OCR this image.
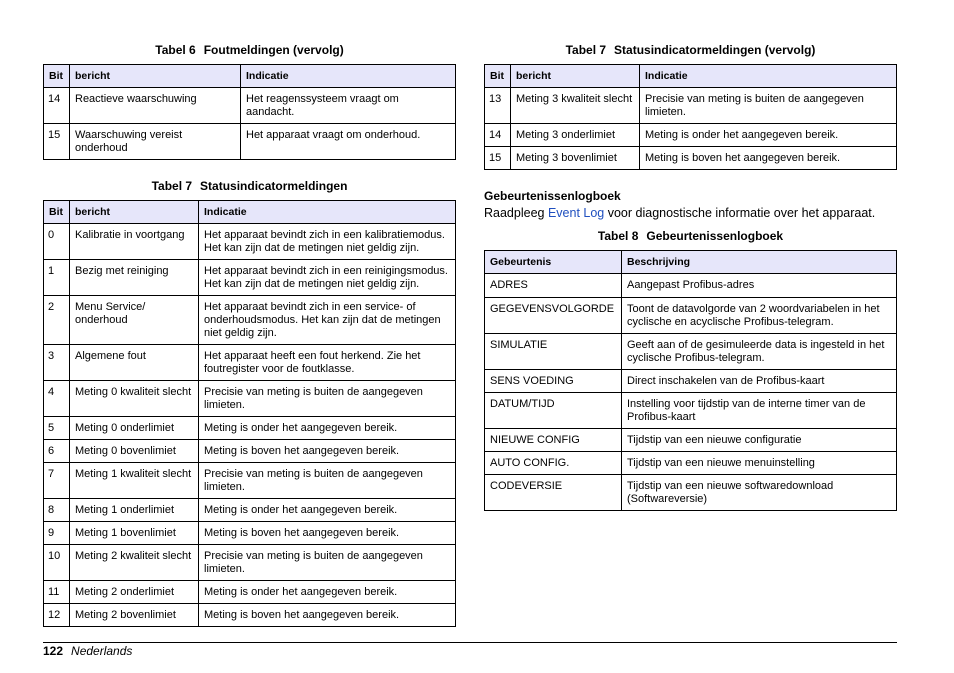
Tabel 6 Foutmeldingen (vervolg)
Bit	bericht	Indicatie
14	Reactieve waarschuwing	Het reagenssysteem vraagt om aandacht.
15	Waarschuwing vereist onderhoud	Het apparaat vraagt om onderhoud.
Tabel 7 Statusindicatormeldingen
Bit	bericht	Indicatie
0	Kalibratie in voortgang	Het apparaat bevindt zich in een kalibratiemodus. Het kan zijn dat de metingen niet geldig zijn.
1	Bezig met reiniging	Het apparaat bevindt zich in een reinigingsmodus. Het kan zijn dat de metingen niet geldig zijn.
2	Menu Service/ onderhoud	Het apparaat bevindt zich in een service- of onderhoudsmodus. Het kan zijn dat de metingen niet geldig zijn.
3	Algemene fout	Het apparaat heeft een fout herkend. Zie het foutregister voor de foutklasse.
4	Meting 0 kwaliteit slecht	Precisie van meting is buiten de aangegeven limieten.
5	Meting 0 onderlimiet	Meting is onder het aangegeven bereik.
6	Meting 0 bovenlimiet	Meting is boven het aangegeven bereik.
7	Meting 1 kwaliteit slecht	Precisie van meting is buiten de aangegeven limieten.
8	Meting 1 onderlimiet	Meting is onder het aangegeven bereik.
9	Meting 1 bovenlimiet	Meting is boven het aangegeven bereik.
10	Meting 2 kwaliteit slecht	Precisie van meting is buiten de aangegeven limieten.
11	Meting 2 onderlimiet	Meting is onder het aangegeven bereik.
12	Meting 2 bovenlimiet	Meting is boven het aangegeven bereik.
Tabel 7 Statusindicatormeldingen (vervolg)
Bit	bericht	Indicatie
13	Meting 3 kwaliteit slecht	Precisie van meting is buiten de aangegeven limieten.
14	Meting 3 onderlimiet	Meting is onder het aangegeven bereik.
15	Meting 3 bovenlimiet	Meting is boven het aangegeven bereik.
Gebeurtenissenlogboek
Raadpleeg Event Log voor diagnostische informatie over het apparaat.
Tabel 8 Gebeurtenissenlogboek
Gebeurtenis	Beschrijving
ADRES	Aangepast Profibus-adres
GEGEVENSVOLGORDE	Toont de datavolgorde van 2 woordvariabelen in het cyclische en acyclische Profibus-telegram.
SIMULATIE	Geeft aan of de gesimuleerde data is ingesteld in het cyclische Profibus-telegram.
SENS VOEDING	Direct inschakelen van de Profibus-kaart
DATUM/TIJD	Instelling voor tijdstip van de interne timer van de Profibus-kaart
NIEUWE CONFIG	Tijdstip van een nieuwe configuratie
AUTO CONFIG.	Tijdstip van een nieuwe menuinstelling
CODEVERSIE	Tijdstip van een nieuwe softwaredownload (Softwareversie)
122 Nederlands
